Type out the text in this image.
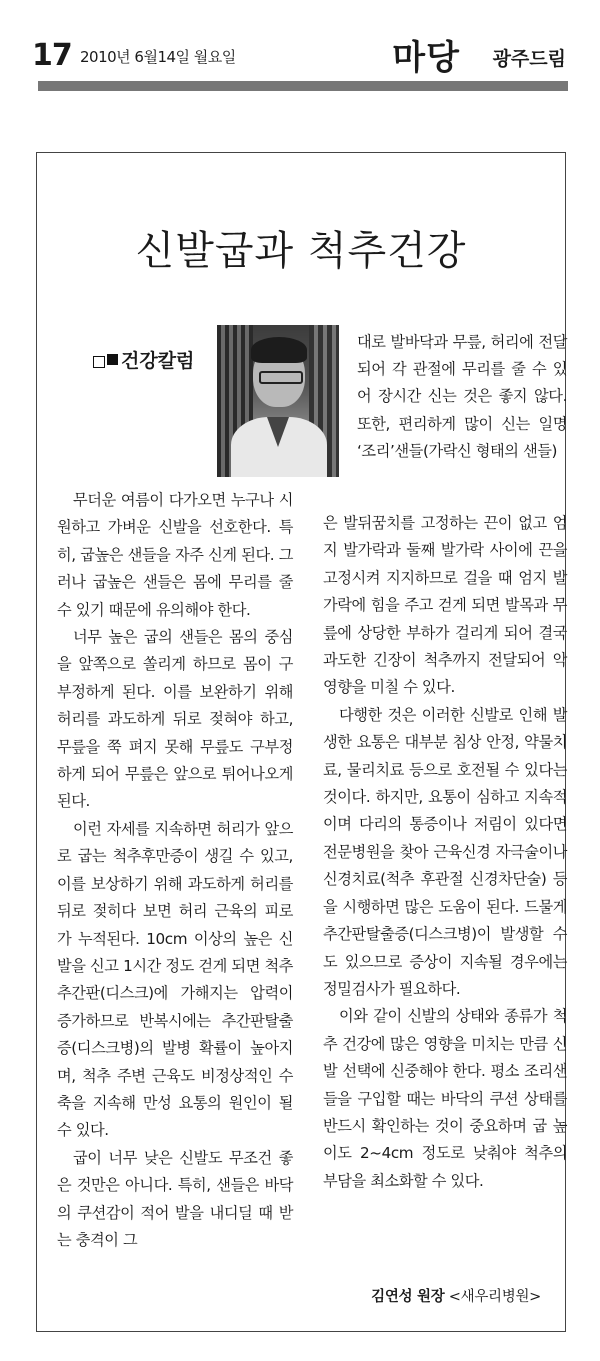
17 2010년 6월14일 월요일	마당 광주드림
신발굽과 척추건강
건강칼럼
대로 발바닥과 무릎, 허리에 전달되어 각 관절에 무리를 줄 수 있어 장시간 신는 것은 좋지 않다. 또한, 편리하게 많이 신는 일명 ‘조리’샌들(가락신 형태의 샌들)

무더운 여름이 다가오면 누구나 시원하고 가벼운 신발을 선호한다. 특히, 굽높은 샌들을 자주 신게 된다. 그러나 굽높은 샌들은 몸에 무리를 줄 수 있기 때문에 유의해야 한다.

너무 높은 굽의 샌들은 몸의 중심을 앞쪽으로 쏠리게 하므로 몸이 구부정하게 된다. 이를 보완하기 위해 허리를 과도하게 뒤로 젖혀야 하고, 무릎을 쭉 펴지 못해 무릎도 구부정하게 되어 무릎은 앞으로 튀어나오게 된다.

이런 자세를 지속하면 허리가 앞으로 굽는 척추후만증이 생길 수 있고, 이를 보상하기 위해 과도하게 허리를 뒤로 젖히다 보면 허리 근육의 피로가 누적된다. 10cm 이상의 높은 신발을 신고 1시간 정도 걷게 되면 척추 추간판(디스크)에 가해지는 압력이 증가하므로 반복시에는 추간판탈출증(디스크병)의 발병 확률이 높아지며, 척추 주변 근육도 비정상적인 수축을 지속해 만성 요통의 원인이 될 수 있다.

굽이 너무 낮은 신발도 무조건 좋은 것만은 아니다. 특히, 샌들은 바닥의 쿠션감이 적어 발을 내디딜 때 받는 충격이 그

은 발뒤꿈치를 고정하는 끈이 없고 엄지 발가락과 둘째 발가락 사이에 끈을 고정시켜 지지하므로 걸을 때 엄지 발가락에 힘을 주고 걷게 되면 발목과 무릎에 상당한 부하가 걸리게 되어 결국 과도한 긴장이 척추까지 전달되어 악영향을 미칠 수 있다.

다행한 것은 이러한 신발로 인해 발생한 요통은 대부분 침상 안정, 약물치료, 물리치료 등으로 호전될 수 있다는 것이다. 하지만, 요통이 심하고 지속적이며 다리의 통증이나 저림이 있다면 전문병원을 찾아 근육신경 자극술이나 신경치료(척추 후관절 신경차단술) 등을 시행하면 많은 도움이 된다. 드물게 추간판탈출증(디스크병)이 발생할 수도 있으므로 증상이 지속될 경우에는 정밀검사가 필요하다.

이와 같이 신발의 상태와 종류가 척추 건강에 많은 영향을 미치는 만큼 신발 선택에 신중해야 한다. 평소 조리샌들을 구입할 때는 바닥의 쿠션 상태를 반드시 확인하는 것이 중요하며 굽 높이도 2~4cm 정도로 낮춰야 척추의 부담을 최소화할 수 있다.

김연성 원장 <새우리병원>
